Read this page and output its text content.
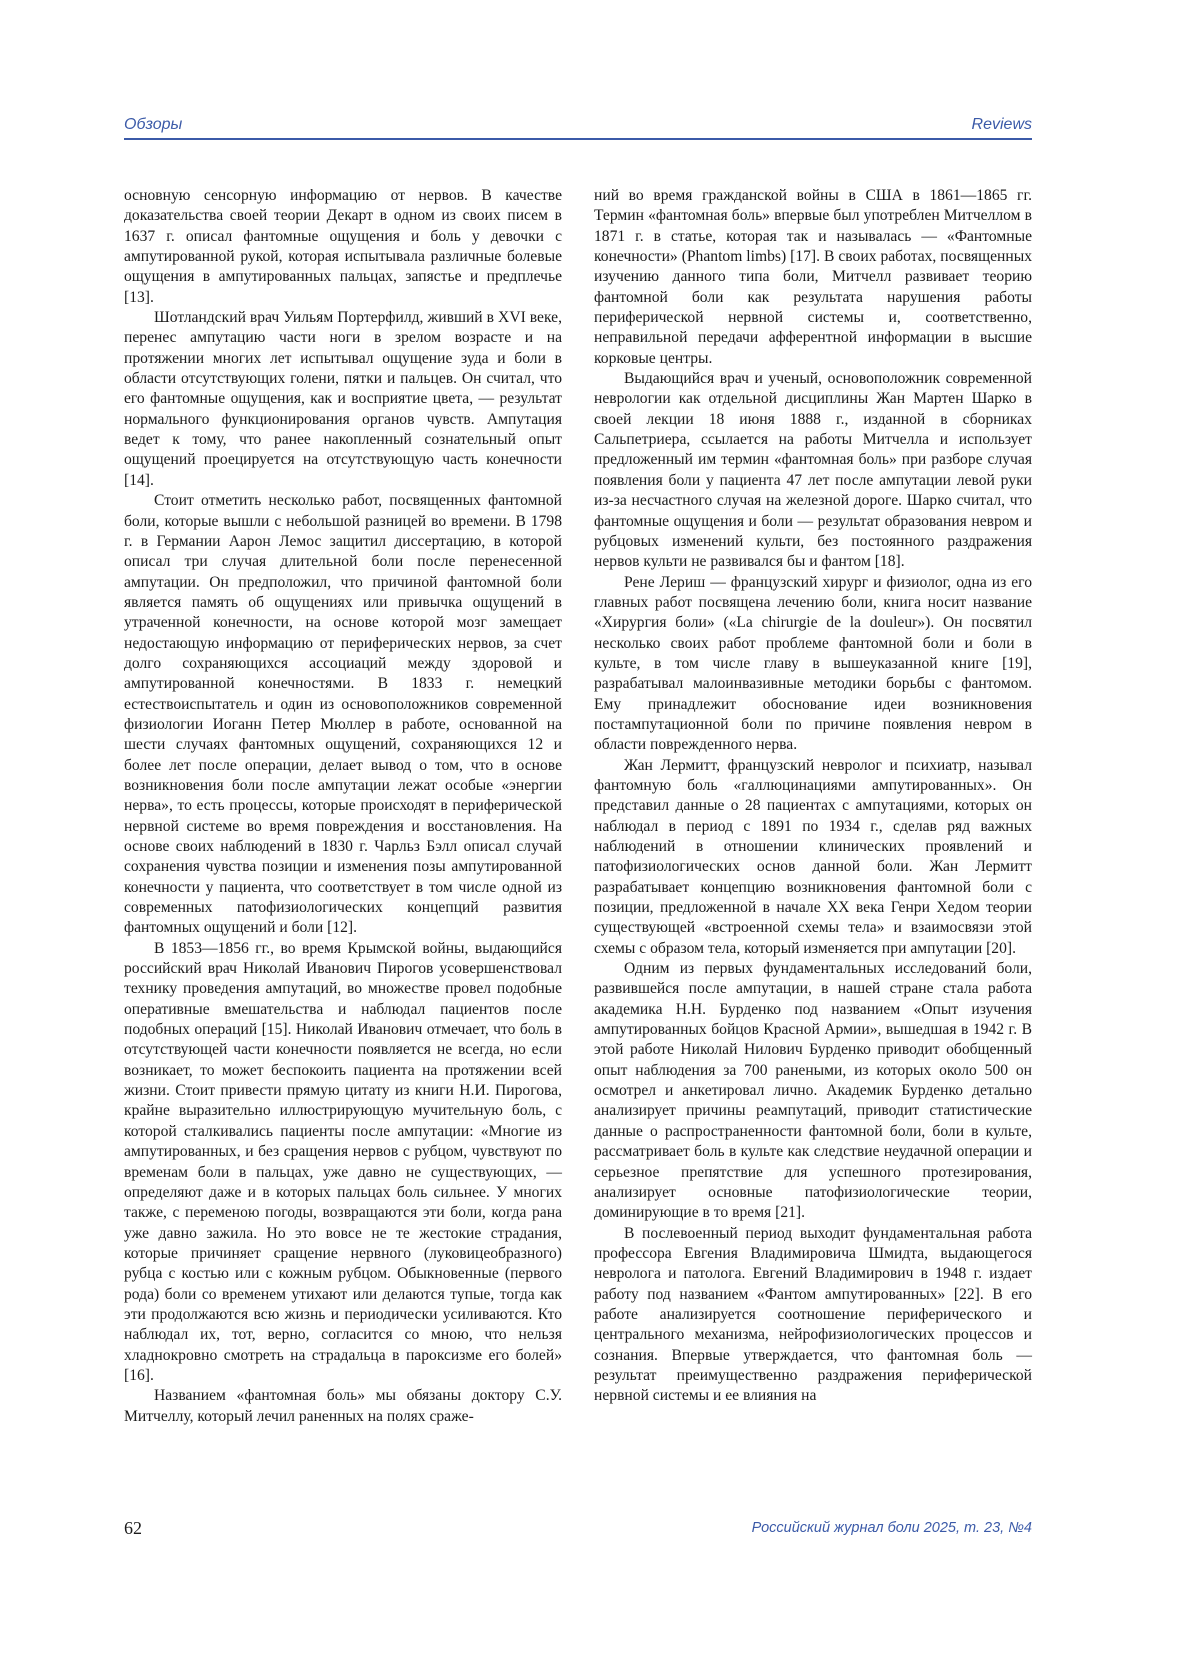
Обзоры	Reviews

основную сенсорную информацию от нервов. В качестве доказательства своей теории Декарт в одном из своих писем в 1637 г. описал фантомные ощущения и боль у девочки с ампутированной рукой, которая испытывала различные болевые ощущения в ампутированных пальцах, запястье и предплечье [13].

Шотландский врач Уильям Портерфилд, живший в XVI веке, перенес ампутацию части ноги в зрелом возрасте и на протяжении многих лет испытывал ощущение зуда и боли в области отсутствующих голени, пятки и пальцев. Он считал, что его фантомные ощущения, как и восприятие цвета, — результат нормального функционирования органов чувств. Ампутация ведет к тому, что ранее накопленный сознательный опыт ощущений проецируется на отсутствующую часть конечности [14].

Стоит отметить несколько работ, посвященных фантомной боли, которые вышли с небольшой разницей во времени. В 1798 г. в Германии Аарон Лемос защитил диссертацию, в которой описал три случая длительной боли после перенесенной ампутации. Он предположил, что причиной фантомной боли является память об ощущениях или привычка ощущений в утраченной конечности, на основе которой мозг замещает недостающую информацию от периферических нервов, за счет долго сохраняющихся ассоциаций между здоровой и ампутированной конечностями. В 1833 г. немецкий естествоиспытатель и один из основоположников современной физиологии Иоганн Петер Мюллер в работе, основанной на шести случаях фантомных ощущений, сохраняющихся 12 и более лет после операции, делает вывод о том, что в основе возникновения боли после ампутации лежат особые «энергии нерва», то есть процессы, которые происходят в периферической нервной системе во время повреждения и восстановления. На основе своих наблюдений в 1830 г. Чарльз Бэлл описал случай сохранения чувства позиции и изменения позы ампутированной конечности у пациента, что соответствует в том числе одной из современных патофизиологических концепций развития фантомных ощущений и боли [12].

В 1853—1856 гг., во время Крымской войны, выдающийся российский врач Николай Иванович Пирогов усовершенствовал технику проведения ампутаций, во множестве провел подобные оперативные вмешательства и наблюдал пациентов после подобных операций [15]. Николай Иванович отмечает, что боль в отсутствующей части конечности появляется не всегда, но если возникает, то может беспокоить пациента на протяжении всей жизни. Стоит привести прямую цитату из книги Н.И. Пирогова, крайне выразительно иллюстрирующую мучительную боль, с которой сталкивались пациенты после ампутации: «Многие из ампутированных, и без сращения нервов с рубцом, чувствуют по временам боли в пальцах, уже давно не существующих, — определяют даже и в которых пальцах боль сильнее. У многих также, с переменою погоды, возвращаются эти боли, когда рана уже давно зажила. Но это вовсе не те жестокие страдания, которые причиняет сращение нервного (луковицеобразного) рубца с костью или с кожным рубцом. Обыкновенные (первого рода) боли со временем утихают или делаются тупые, тогда как эти продолжаются всю жизнь и периодически усиливаются. Кто наблюдал их, тот, верно, согласится со мною, что нельзя хладнокровно смотреть на страдальца в пароксизме его болей» [16].

Названием «фантомная боль» мы обязаны доктору С.У. Митчеллу, который лечил раненных на полях сраже-

ний во время гражданской войны в США в 1861—1865 гг. Термин «фантомная боль» впервые был употреблен Митчеллом в 1871 г. в статье, которая так и называлась — «Фантомные конечности» (Phantom limbs) [17]. В своих работах, посвященных изучению данного типа боли, Митчелл развивает теорию фантомной боли как результата нарушения работы периферической нервной системы и, соответственно, неправильной передачи афферентной информации в высшие корковые центры.

Выдающийся врач и ученый, основоположник современной неврологии как отдельной дисциплины Жан Мартен Шарко в своей лекции 18 июня 1888 г., изданной в сборниках Сальпетриера, ссылается на работы Митчелла и использует предложенный им термин «фантомная боль» при разборе случая появления боли у пациента 47 лет после ампутации левой руки из-за несчастного случая на железной дороге. Шарко считал, что фантомные ощущения и боли — результат образования невром и рубцовых изменений культи, без постоянного раздражения нервов культи не развивался бы и фантом [18].

Рене Лериш — французский хирург и физиолог, одна из его главных работ посвящена лечению боли, книга носит название «Хирургия боли» («La chirurgie de la douleur»). Он посвятил несколько своих работ проблеме фантомной боли и боли в культе, в том числе главу в вышеуказанной книге [19], разрабатывал малоинвазивные методики борьбы с фантомом. Ему принадлежит обоснование идеи возникновения постампутационной боли по причине появления невром в области поврежденного нерва.

Жан Лермитт, французский невролог и психиатр, называл фантомную боль «галлюцинациями ампутированных». Он представил данные о 28 пациентах с ампутациями, которых он наблюдал в период с 1891 по 1934 г., сделав ряд важных наблюдений в отношении клинических проявлений и патофизиологических основ данной боли. Жан Лермитт разрабатывает концепцию возникновения фантомной боли с позиции, предложенной в начале XX века Генри Хедом теории существующей «встроенной схемы тела» и взаимосвязи этой схемы с образом тела, который изменяется при ампутации [20].

Одним из первых фундаментальных исследований боли, развившейся после ампутации, в нашей стране стала работа академика Н.Н. Бурденко под названием «Опыт изучения ампутированных бойцов Красной Армии», вышедшая в 1942 г. В этой работе Николай Нилович Бурденко приводит обобщенный опыт наблюдения за 700 ранеными, из которых около 500 он осмотрел и анкетировал лично. Академик Бурденко детально анализирует причины реампутаций, приводит статистические данные о распространенности фантомной боли, боли в культе, рассматривает боль в культе как следствие неудачной операции и серьезное препятствие для успешного протезирования, анализирует основные патофизиологические теории, доминирующие в то время [21].

В послевоенный период выходит фундаментальная работа профессора Евгения Владимировича Шмидта, выдающегося невролога и патолога. Евгений Владимирович в 1948 г. издает работу под названием «Фантом ампутированных» [22]. В его работе анализируется соотношение периферического и центрального механизма, нейрофизиологических процессов и сознания. Впервые утверждается, что фантомная боль — результат преимущественно раздражения периферической нервной системы и ее влияния на

62	Российский журнал боли 2025, т. 23, №4
